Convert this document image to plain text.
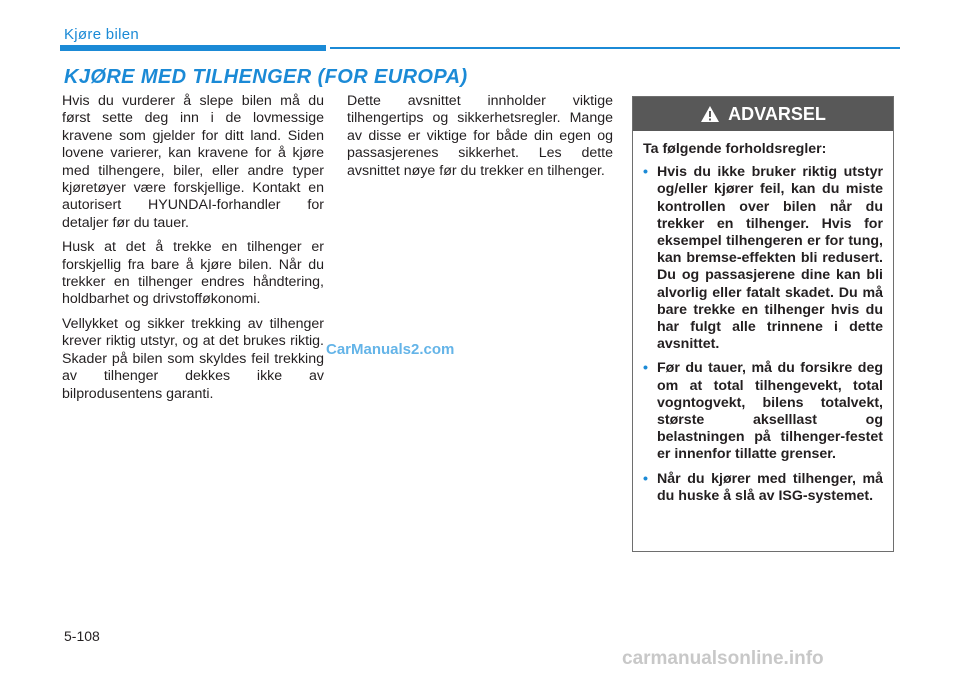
Kjøre bilen
KJØRE MED TILHENGER (FOR EUROPA)

Hvis du vurderer å slepe bilen må du først sette deg inn i de lovmessige kravene som gjelder for ditt land. Siden lovene varierer, kan kravene for å kjøre med tilhengere, biler, eller andre typer kjøretøyer være forskjellige. Kontakt en autorisert HYUNDAI-forhandler for detaljer før du tauer.

Husk at det å trekke en tilhenger er forskjellig fra bare å kjøre bilen. Når du trekker en tilhenger endres håndtering, holdbarhet og drivstofføkonomi.

Vellykket og sikker trekking av tilhenger krever riktig utstyr, og at det brukes riktig. Skader på bilen som skyldes feil trekking av tilhenger dekkes ikke av bilprodusentens garanti.

Dette avsnittet innholder viktige tilhengertips og sikkerhetsregler. Mange av disse er viktige for både din egen og passasjerenes sikkerhet. Les dette avsnittet nøye før du trekker en tilhenger.

ADVARSEL

Ta følgende forholdsregler:

• Hvis du ikke bruker riktig utstyr og/eller kjører feil, kan du miste kontrollen over bilen når du trekker en tilhenger. Hvis for eksempel tilhengeren er for tung, kan bremse-effekten bli redusert. Du og passasjerene dine kan bli alvorlig eller fatalt skadet. Du må bare trekke en tilhenger hvis du har fulgt alle trinnene i dette avsnittet.
• Før du tauer, må du forsikre deg om at total tilhengevekt, total vogntogvekt, bilens totalvekt, største akselllast og belastningen på tilhenger-festet er innenfor tillatte grenser.
• Når du kjører med tilhenger, må du huske å slå av ISG-systemet.
CarManuals2.com
5-108
carmanualsonline.info
